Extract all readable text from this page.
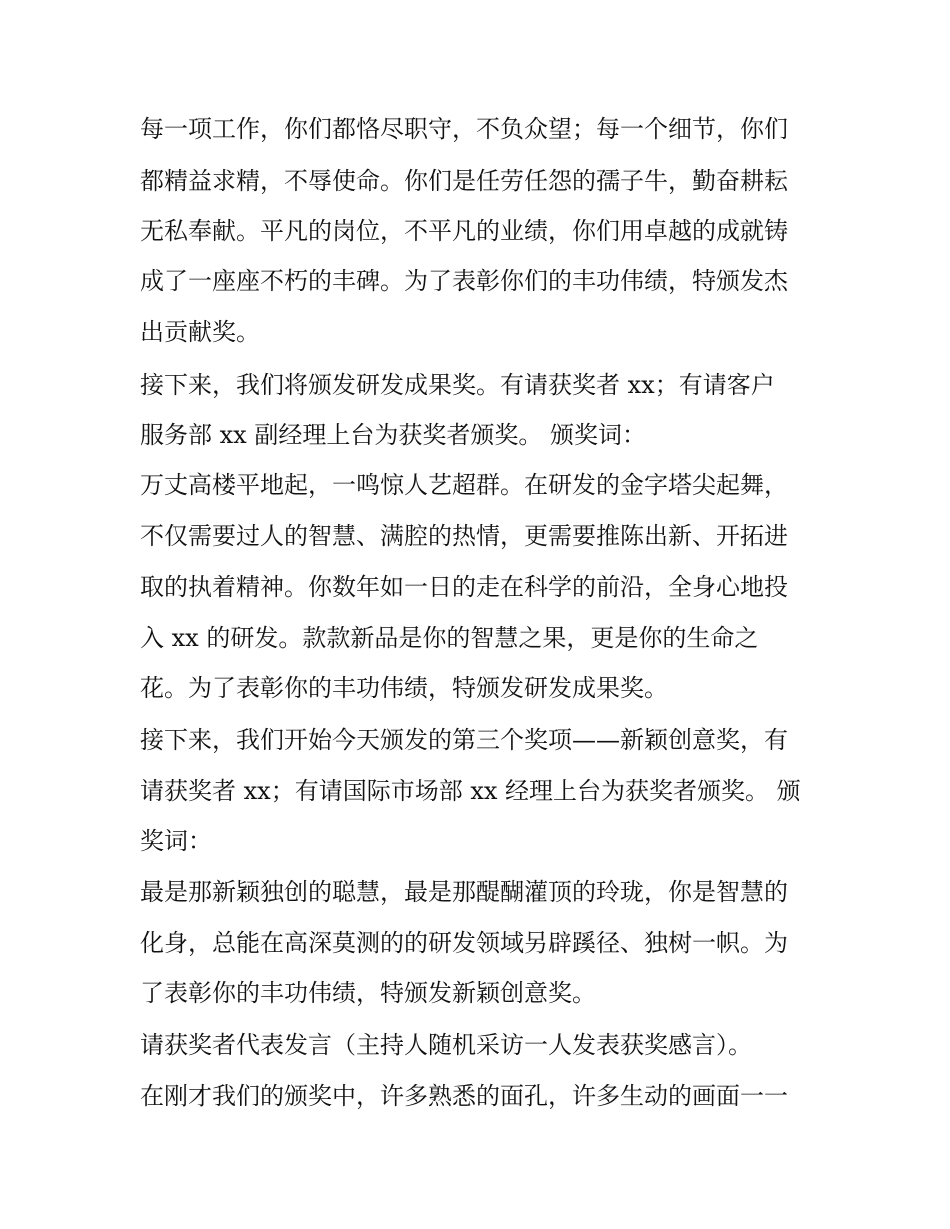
每一项工作，你们都恪尽职守，不负众望；每一个细节，你们
都精益求精，不辱使命。你们是任劳任怨的孺子牛，勤奋耕耘
无私奉献。平凡的岗位，不平凡的业绩，你们用卓越的成就铸
成了一座座不朽的丰碑。为了表彰你们的丰功伟绩，特颁发杰
出贡献奖。
接下来，我们将颁发研发成果奖。有请获奖者 xx；有请客户
服务部 xx 副经理上台为获奖者颁奖。 颁奖词：
万丈高楼平地起，一鸣惊人艺超群。在研发的金字塔尖起舞，
不仅需要过人的智慧、满腔的热情，更需要推陈出新、开拓进
取的执着精神。你数年如一日的走在科学的前沿，全身心地投
入 xx 的研发。款款新品是你的智慧之果，更是你的生命之
花。为了表彰你的丰功伟绩，特颁发研发成果奖。
接下来，我们开始今天颁发的第三个奖项——新颖创意奖，有
请获奖者 xx；有请国际市场部 xx 经理上台为获奖者颁奖。 颁
奖词：
最是那新颖独创的聪慧，最是那醍醐灌顶的玲珑，你是智慧的
化身，总能在高深莫测的的研发领域另辟蹊径、独树一帜。为
了表彰你的丰功伟绩，特颁发新颖创意奖。
请获奖者代表发言（主持人随机采访一人发表获奖感言）。
在刚才我们的颁奖中，许多熟悉的面孔，许多生动的画面一一
